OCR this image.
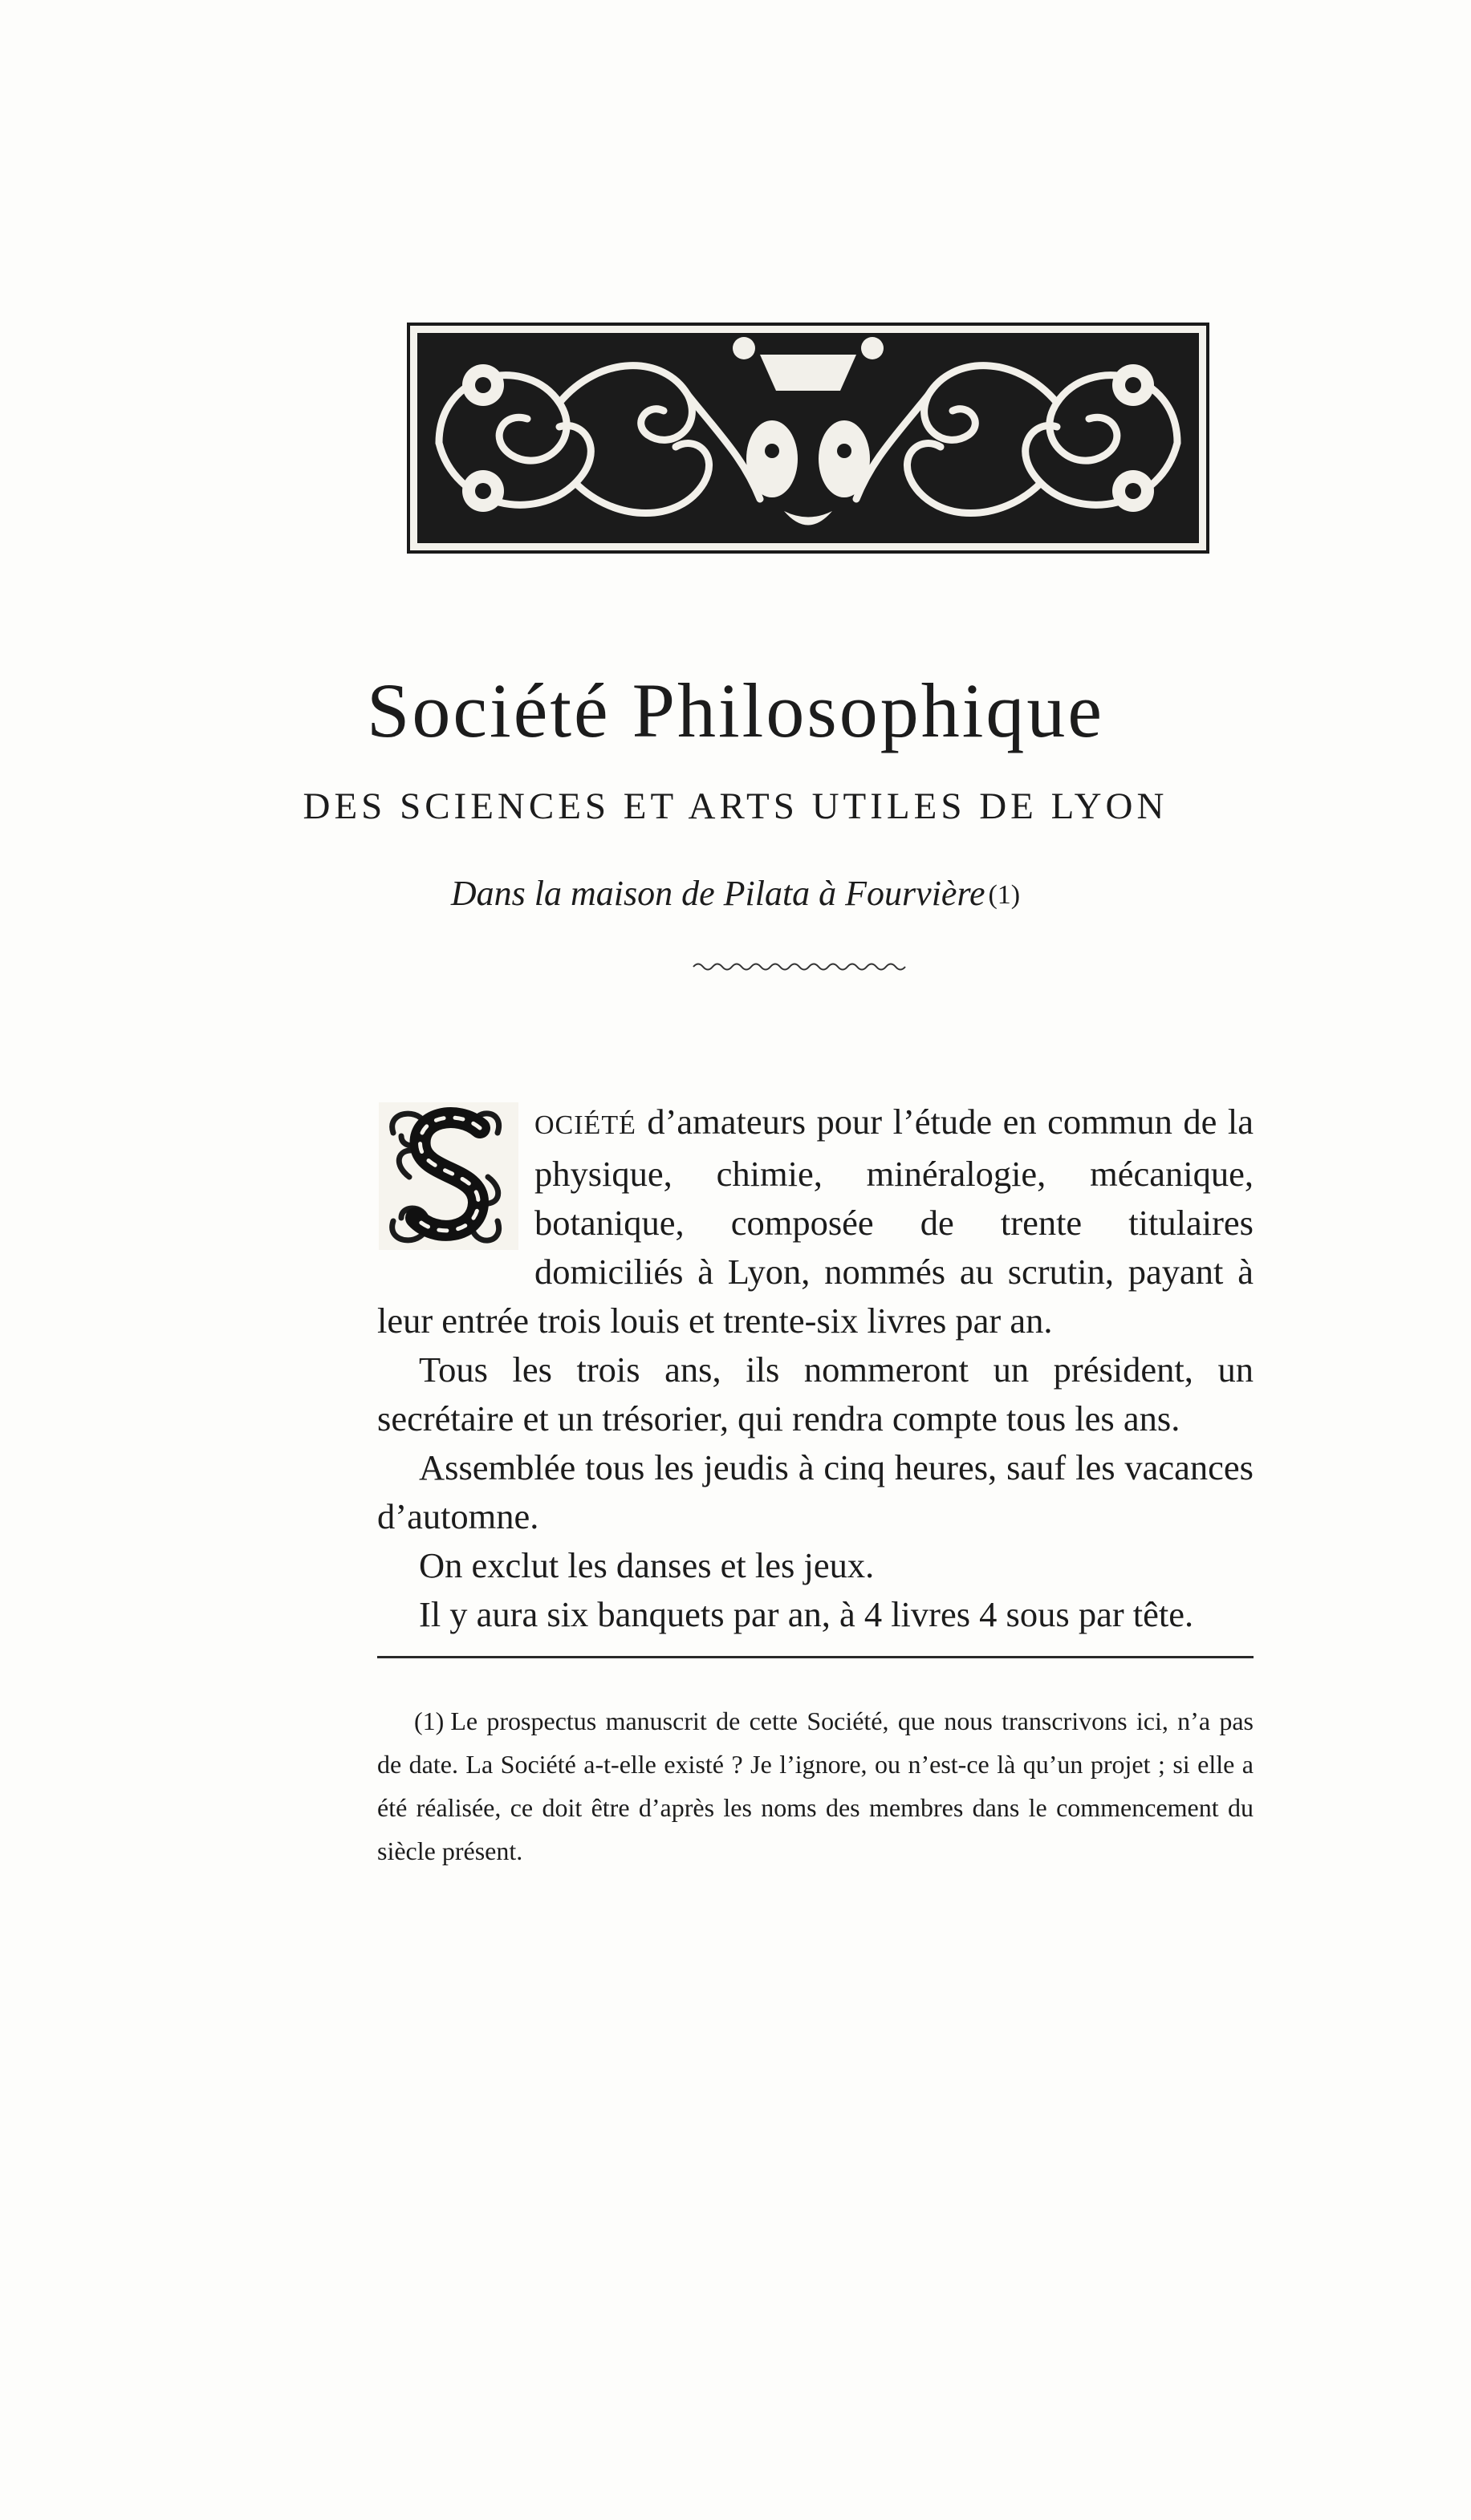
Société Philosophique
DES SCIENCES ET ARTS UTILES DE LYON
Dans la maison de Pilata à Fourvière (1)

OCIÉTÉ d’amateurs pour l’étude en commun de la physique, chimie, minéralogie, mécanique, botanique, composée de trente titulaires domiciliés à Lyon, nommés au scrutin, payant à leur entrée trois louis et trente-six livres par an.

Tous les trois ans, ils nommeront un président, un secrétaire et un trésorier, qui rendra compte tous les ans.

Assemblée tous les jeudis à cinq heures, sauf les vacances d’automne.

On exclut les danses et les jeux.

Il y aura six banquets par an, à 4 livres 4 sous par tête.

(1) Le prospectus manuscrit de cette Société, que nous transcrivons ici, n’a pas de date. La Société a-t-elle existé ? Je l’ignore, ou n’est-ce là qu’un projet ; si elle a été réalisée, ce doit être d’après les noms des membres dans le commencement du siècle présent.
